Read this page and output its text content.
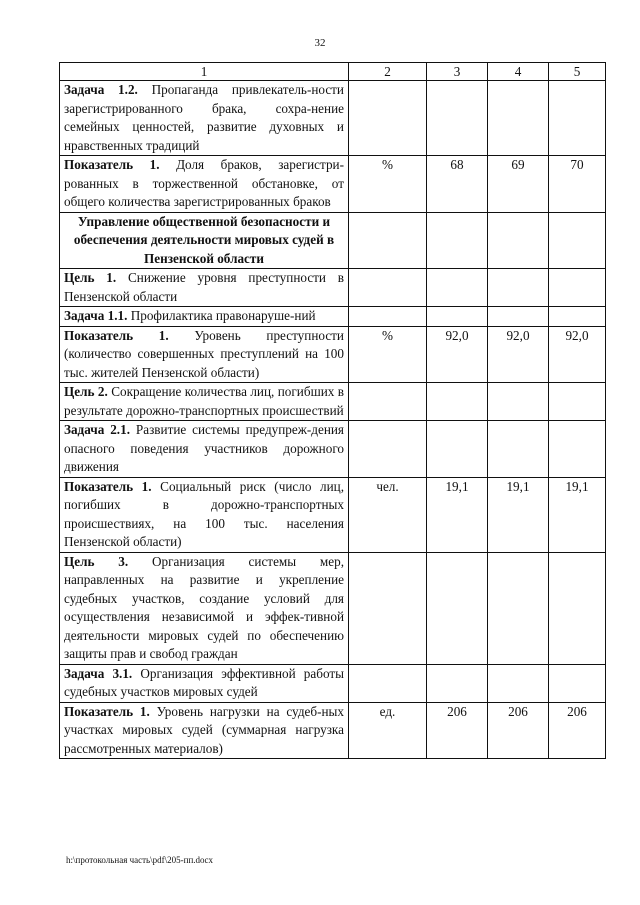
32
1	2	3	4	5
Задача 1.2. Пропаганда привлекатель-ности зарегистрированного брака, сохра-нение семейных ценностей, развитие духовных и нравственных традиций				
Показатель 1. Доля браков, зарегистри-рованных в торжественной обстановке, от общего количества зарегистрированных браков	%	68	69	70
Управление общественной безопасности и обеспечения деятельности мировых судей в Пензенской области				
Цель 1. Снижение уровня преступности в Пензенской области				
Задача 1.1. Профилактика правонаруше-ний				
Показатель 1. Уровень преступности (количество совершенных преступлений на 100 тыс. жителей Пензенской области)	%	92,0	92,0	92,0
Цель 2. Сокращение количества лиц, погибших в результате дорожно-транспортных происшествий				
Задача 2.1. Развитие системы предупреж-дения опасного поведения участников дорожного движения				
Показатель 1. Социальный риск (число лиц, погибших в дорожно-транспортных происшествиях, на 100 тыс. населения Пензенской области)	чел.	19,1	19,1	19,1
Цель 3. Организация системы мер, направленных на развитие и укрепление судебных участков, создание условий для осуществления независимой и эффек-тивной деятельности мировых судей по обеспечению защиты прав и свобод граждан				
Задача 3.1. Организация эффективной работы судебных участков мировых судей				
Показатель 1. Уровень нагрузки на судеб-ных участках мировых судей (суммарная нагрузка рассмотренных материалов)	ед.	206	206	206
h:\протокольная часть\pdf\205-пп.docx
